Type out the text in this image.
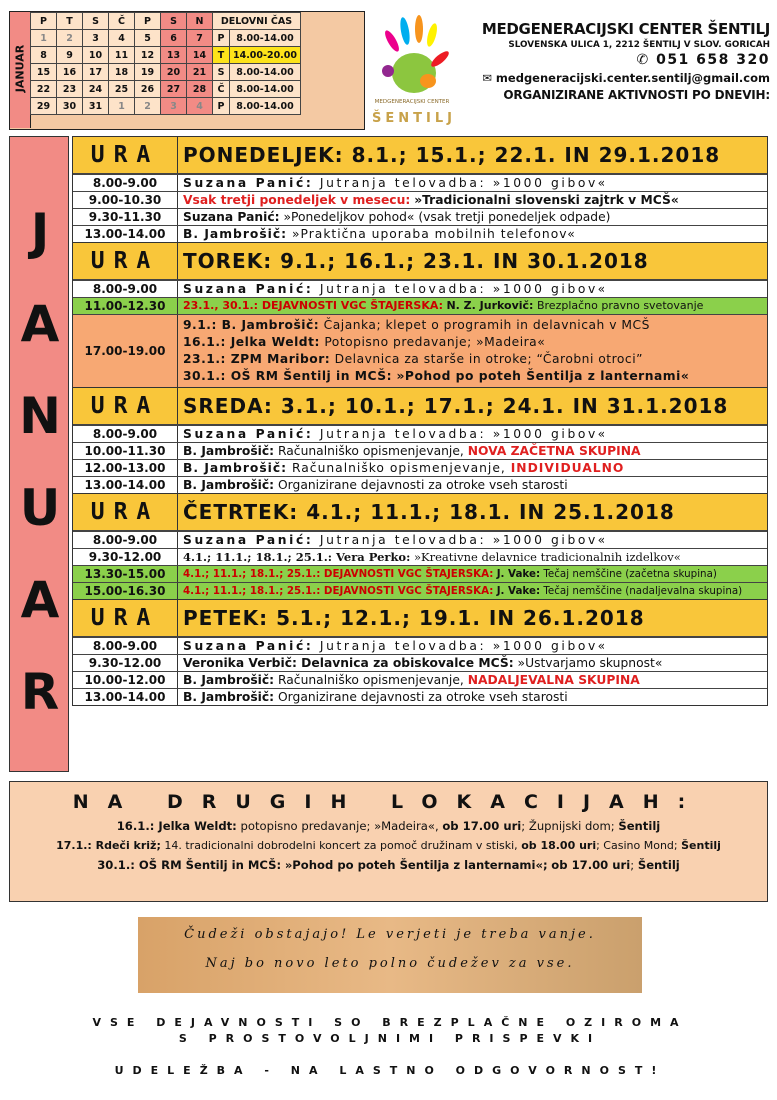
JANUAR
P	T	S	Č	P	S	N	DELOVNI ČAS	
1	2	3	4	5	6	7	P	8.00-14.00
8	9	10	11	12	13	14	T	14.00-20.00
15	16	17	18	19	20	21	S	8.00-14.00
22	23	24	25	26	27	28	Č	8.00-14.00
29	30	31	1	2	3	4	P	8.00-14.00	MEDGENERACIJSKI CENTER
ŠENTILJ
MEDGENERACIJSKI CENTER ŠENTILJ
SLOVENSKA ULICA 1, 2212 ŠENTILJ V SLOV. GORICAH
✆ 051 658 320
✉ medgeneracijski.center.sentilj@gmail.com
ORGANIZIRANE AKTIVNOSTI PO DNEVIH:
J
A
N
U
A
R
URA	PONEDELJEK: 8.1.; 15.1.; 22.1. IN 29.1.2018
8.00-9.00	Suzana Panić: Jutranja telovadba: »1000 gibov«
9.00-10.30	Vsak tretji ponedeljek v mesecu: »Tradicionalni slovenski zajtrk v MCŠ«
9.30-11.30	Suzana Panić: »Ponedeljkov pohod« (vsak tretji ponedeljek odpade)
13.00-14.00	B. Jambrošič: »Praktična uporaba mobilnih telefonov«
URA	TOREK: 9.1.; 16.1.; 23.1. IN 30.1.2018
8.00-9.00	Suzana Panić: Jutranja telovadba: »1000 gibov«
11.00-12.30	23.1., 30.1.: DEJAVNOSTI VGC ŠTAJERSKA: N. Z. Jurkovič: Brezplačno pravno svetovanje
17.00-19.00
9.1.: B. Jambrošič: Čajanka; klepet o programih in delavnicah v MCŠ
16.1.: Jelka Weldt: Potopisno predavanje; »Madeira«
23.1.: ZPM Maribor: Delavnica za starše in otroke; “Čarobni otroci”
30.1.: OŠ RM Šentilj in MCŠ: »Pohod po poteh Šentilja z lanternami«
URA	SREDA: 3.1.; 10.1.; 17.1.; 24.1. IN 31.1.2018
8.00-9.00	Suzana Panić: Jutranja telovadba: »1000 gibov«
10.00-11.30	B. Jambrošič: Računalniško opismenjevanje, NOVA ZAČETNA SKUPINA
12.00-13.00	B. Jambrošič: Računalniško opismenjevanje, INDIVIDUALNO
13.00-14.00	B. Jambrošič: Organizirane dejavnosti za otroke vseh starosti
URA	ČETRTEK: 4.1.; 11.1.; 18.1. IN 25.1.2018
8.00-9.00	Suzana Panić: Jutranja telovadba: »1000 gibov«
9.30-12.00	4.1.; 11.1.; 18.1.; 25.1.: Vera Perko: »Kreativne delavnice tradicionalnih izdelkov«
13.30-15.00	4.1.; 11.1.; 18.1.; 25.1.: DEJAVNOSTI VGC ŠTAJERSKA: J. Vake: Tečaj nemščine (začetna skupina)
15.00-16.30	4.1.; 11.1.; 18.1.; 25.1.: DEJAVNOSTI VGC ŠTAJERSKA: J. Vake: Tečaj nemščine (nadaljevalna skupina)
URA	PETEK: 5.1.; 12.1.; 19.1. IN 26.1.2018
8.00-9.00	Suzana Panić: Jutranja telovadba: »1000 gibov«
9.30-12.00	Veronika Verbič: Delavnica za obiskovalce MCŠ: »Ustvarjamo skupnost«
10.00-12.00	B. Jambrošič: Računalniško opismenjevanje, NADALJEVALNA SKUPINA
13.00-14.00	B. Jambrošič: Organizirane dejavnosti za otroke vseh starosti
NA DRUGIH LOKACIJAH:
16.1.: Jelka Weldt: potopisno predavanje; »Madeira«, ob 17.00 uri; Župnijski dom; Šentilj
17.1.: Rdeči križ; 14. tradicionalni dobrodelni koncert za pomoč družinam v stiski, ob 18.00 uri; Casino Mond; Šentilj
30.1.: OŠ RM Šentilj in MCŠ: »Pohod po poteh Šentilja z lanternami«; ob 17.00 uri; Šentilj
Čudeži obstajajo! Le verjeti je treba vanje.
Naj bo novo leto polno čudežev za vse.
VSE DEJAVNOSTI SO BREZPLAČNE OZIROMA
S PROSTOVOLJNIMI PRISPEVKI
UDELEŽBA - NA LASTNO ODGOVORNOST!
